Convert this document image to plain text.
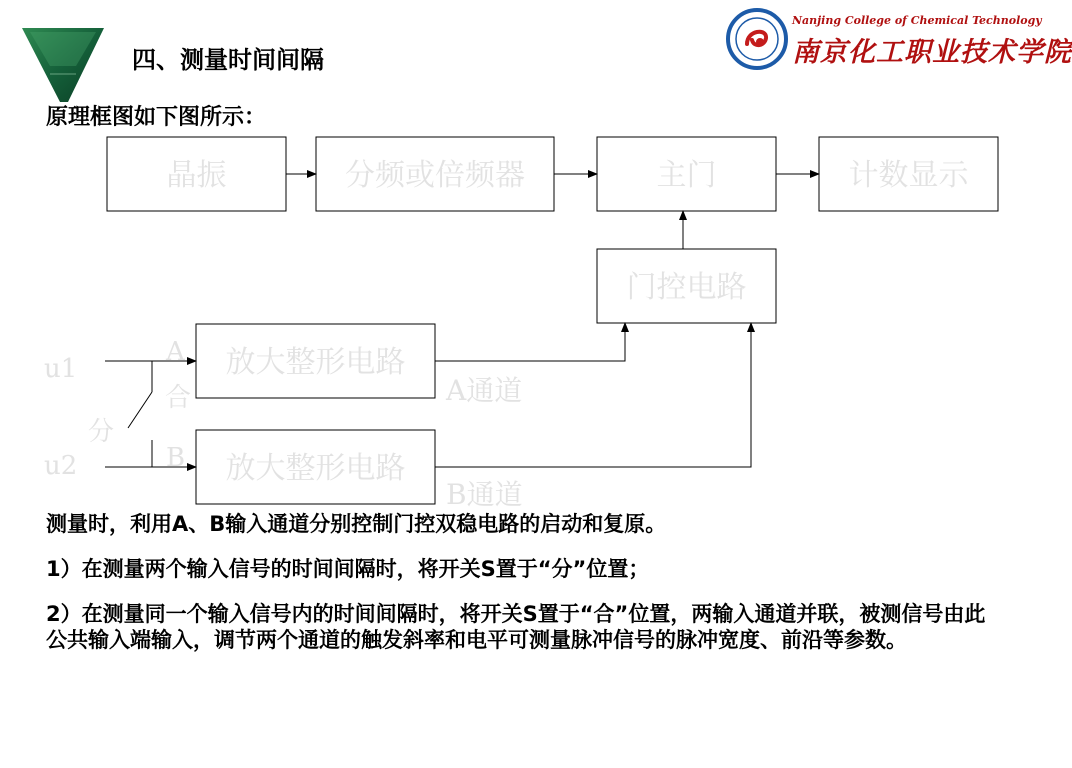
四、测量时间间隔
Nanjing College of Chemical Technology
南京化工职业技术学院
原理框图如下图所示：
晶振	分频或倍频器	主门	计数显示
门控电路
放大整形电路
放大整形电路
u1
u2
A
B
合
分
A通道
B通道
测量时，利用A、B输入通道分别控制门控双稳电路的启动和复原。
1）在测量两个输入信号的时间间隔时，将开关S置于“分”位置；
2）在测量同一个输入信号内的时间间隔时，将开关S置于“合”位置，两输入通道并联，被测信号由此公共输入端输入，调节两个通道的触发斜率和电平可测量脉冲信号的脉冲宽度、前沿等参数。
